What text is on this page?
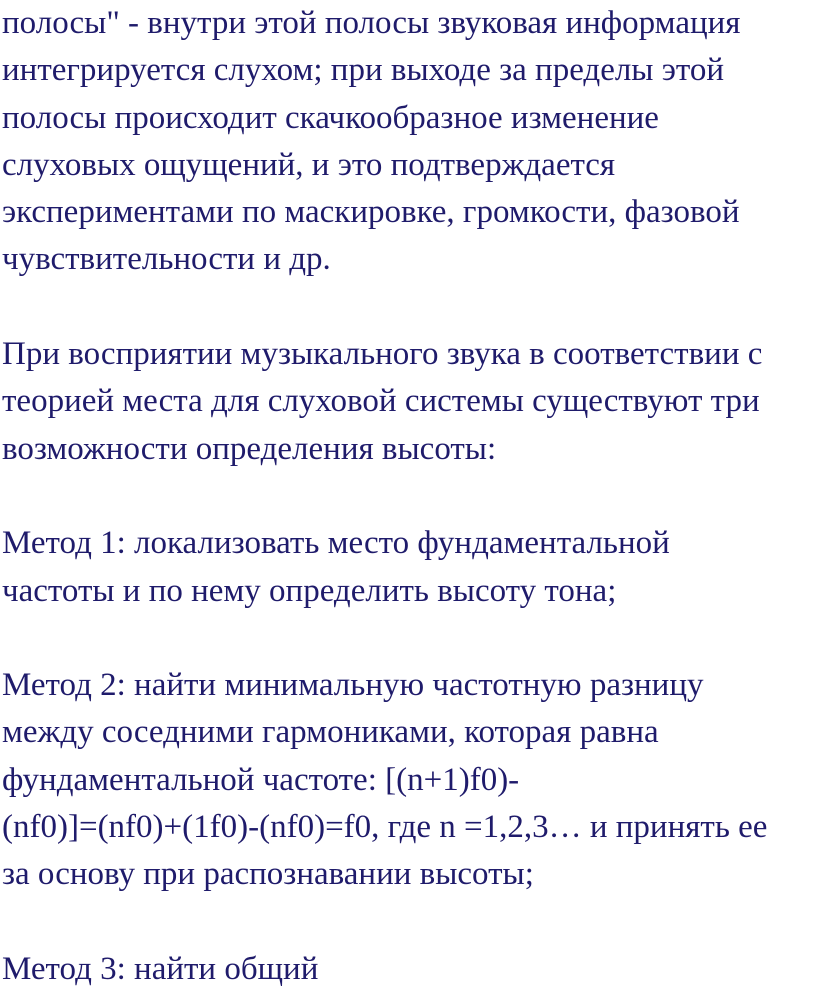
полосы" - внутри этой полосы звуковая информация
интегрируется слухом; при выходе за пределы этой
полосы происходит скачкообразное изменение
слуховых ощущений, и это подтверждается
экспериментами по маскировке, громкости, фазовой
чувствительности и др.

При восприятии музыкального звука в соответствии с
теорией места для слуховой системы существуют три
возможности определения высоты:

Метод 1: локализовать место фундаментальной
частоты и по нему определить высоту тона;

Метод 2: найти минимальную частотную разницу
между соседними гармониками, которая равна
фундаментальной частоте: [(n+1)f0)-
(nf0)]=(nf0)+(1f0)-(nf0)=f0, где n =1,2,3… и принять ее
за основу при распознавании высоты;

Метод 3: найти общий
